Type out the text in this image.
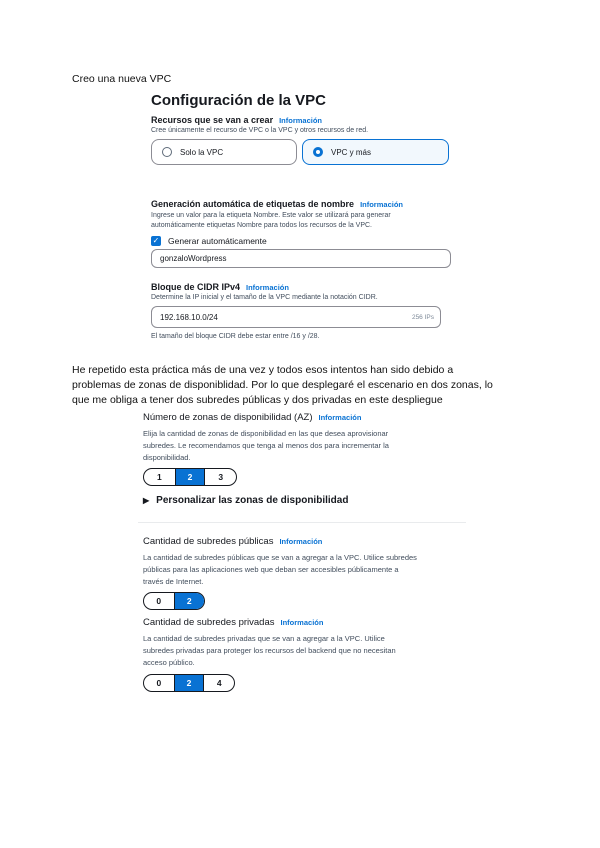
Creo una nueva VPC
Configuración de la VPC
Recursos que se van a crear Información
Cree únicamente el recurso de VPC o la VPC y otros recursos de red.
Solo la VPC	VPC y más
Generación automática de etiquetas de nombre Información
Ingrese un valor para la etiqueta Nombre. Este valor se utilizará para generar
automáticamente etiquetas Nombre para todos los recursos de la VPC.
✓ Generar automáticamente
gonzaloWordpress
Bloque de CIDR IPv4 Información
Determine la IP inicial y el tamaño de la VPC mediante la notación CIDR.
192.168.10.0/24	256 IPs
El tamaño del bloque CIDR debe estar entre /16 y /28.
He repetido esta práctica más de una vez y todos esos intentos han sido debido a
problemas de zonas de disponiblidad. Por lo que desplegaré el escenario en dos zonas, lo
que me obliga a tener dos subredes públicas y dos privadas en este despliegue
Número de zonas de disponibilidad (AZ) Información
Elija la cantidad de zonas de disponibilidad en las que desea aprovisionar
subredes. Le recomendamos que tenga al menos dos para incrementar la
disponibilidad.
1	2	3
▶ Personalizar las zonas de disponibilidad
Cantidad de subredes públicas Información
La cantidad de subredes públicas que se van a agregar a la VPC. Utilice subredes
públicas para las aplicaciones web que deban ser accesibles públicamente a
través de Internet.
0	2
Cantidad de subredes privadas Información
La cantidad de subredes privadas que se van a agregar a la VPC. Utilice
subredes privadas para proteger los recursos del backend que no necesitan
acceso público.
0	2	4
